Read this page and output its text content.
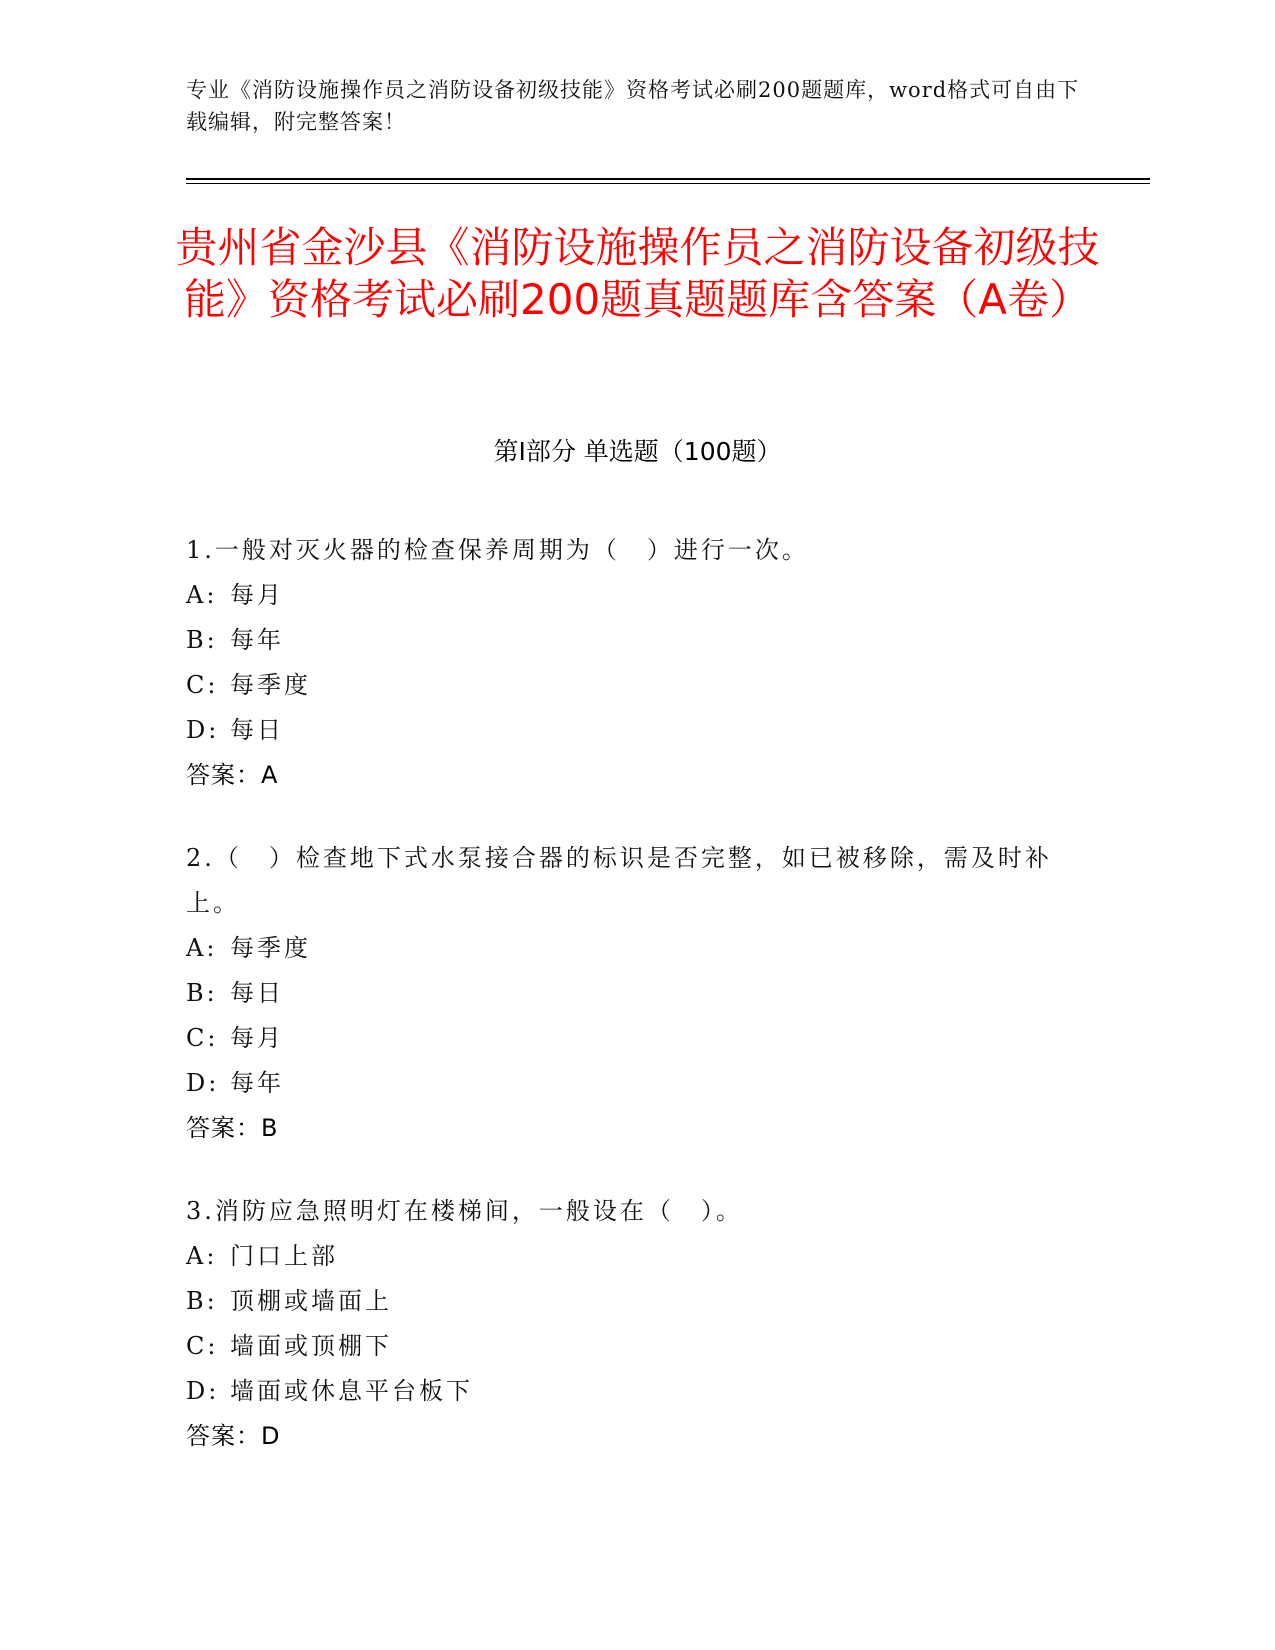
专业《消防设施操作员之消防设备初级技能》资格考试必刷200题题库，word格式可自由下载编辑，附完整答案！
贵州省金沙县《消防设施操作员之消防设备初级技能》资格考试必刷200题真题题库含答案（A卷）
第Ⅰ部分 单选题（100题）
1.一般对灭火器的检查保养周期为（　）进行一次。
A: 每月
B: 每年
C: 每季度
D: 每日
答案：A
2.（　）检查地下式水泵接合器的标识是否完整，如已被移除，需及时补上。
A: 每季度
B: 每日
C: 每月
D: 每年
答案：B
3.消防应急照明灯在楼梯间，一般设在（　）。
A: 门口上部
B: 顶棚或墙面上
C: 墙面或顶棚下
D: 墙面或休息平台板下
答案：D
